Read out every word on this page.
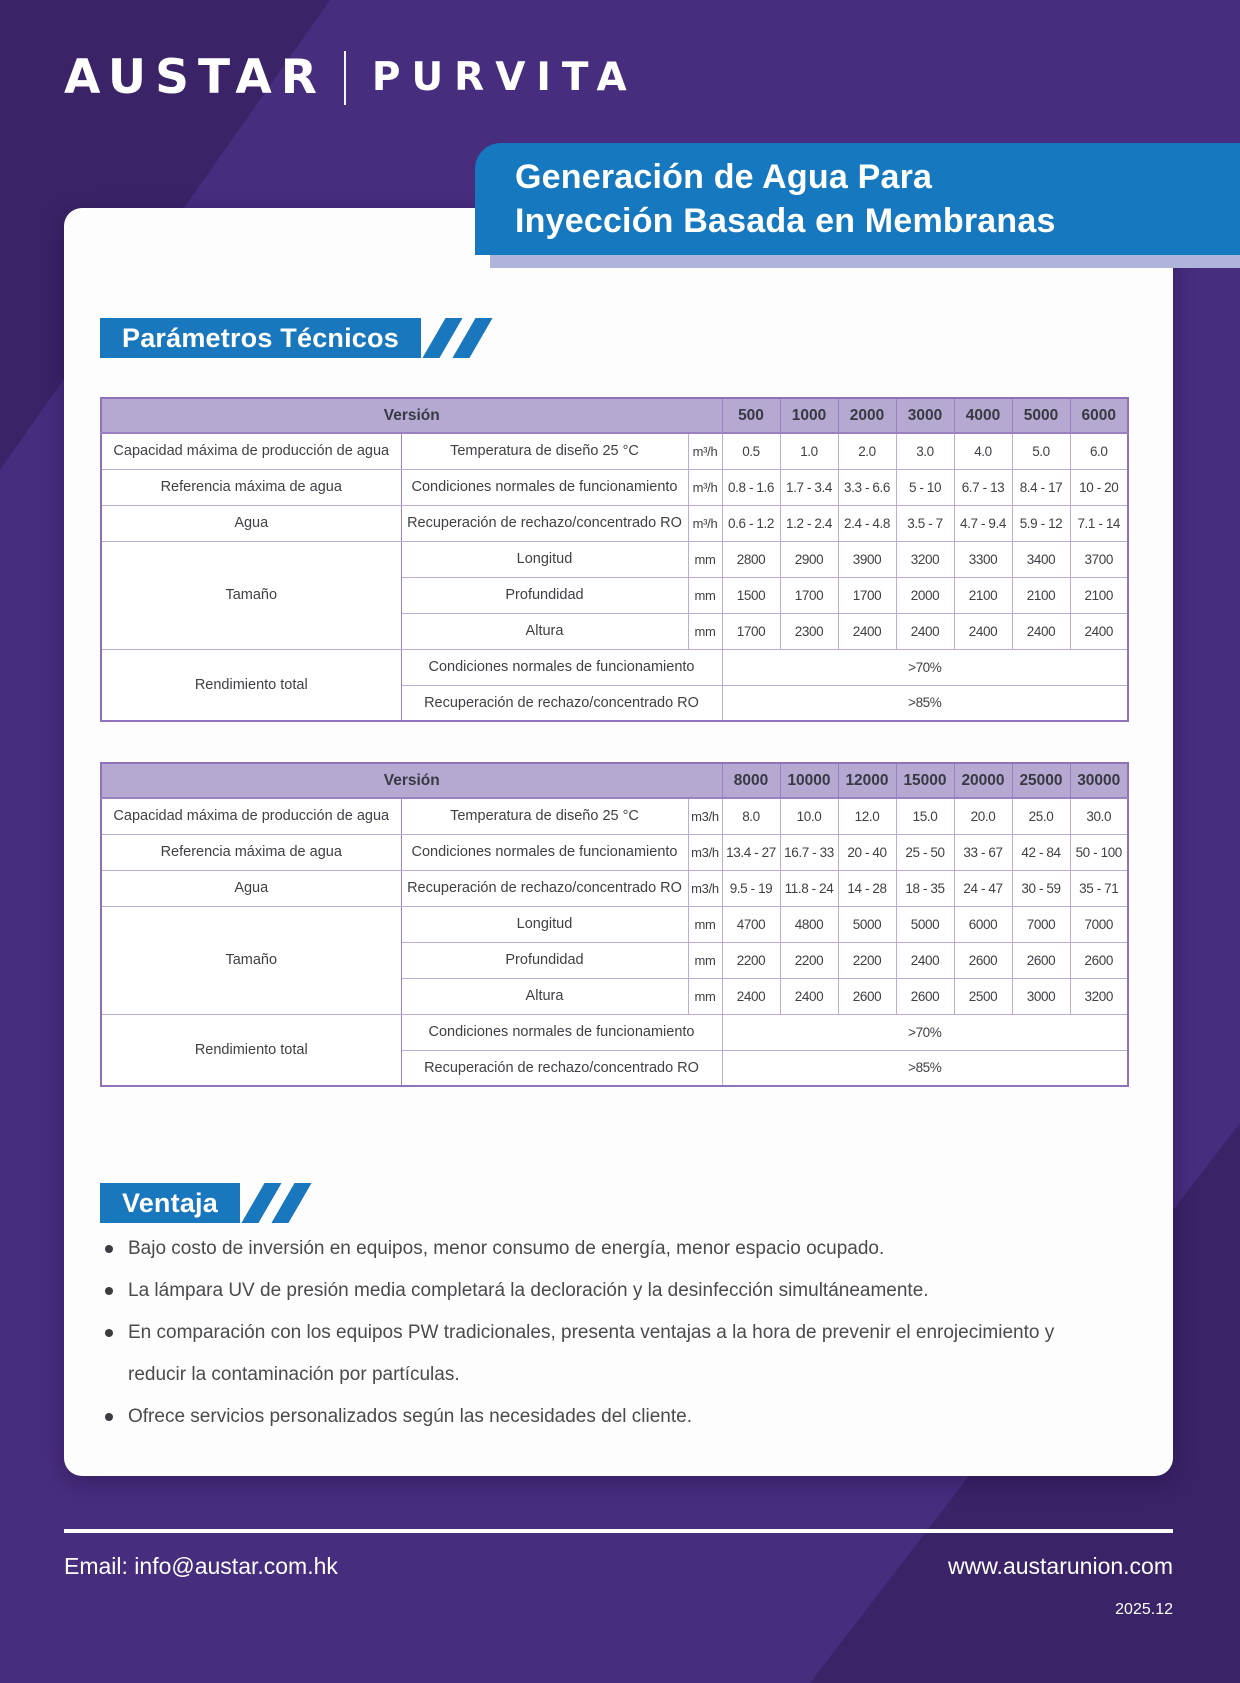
AUSTAR PURVITA
Generación de Agua Para
Inyección Basada en Membranas
Parámetros Técnicos
Versión			500	1000	2000	3000	4000	5000	6000
Capacidad máxima de producción de agua	Temperatura de diseño 25 °C	m³/h	0.5	1.0	2.0	3.0	4.0	5.0	6.0
Referencia máxima de agua	Condiciones normales de funcionamiento	m³/h	0.8 - 1.6	1.7 - 3.4	3.3 - 6.6	5 - 10	6.7 - 13	8.4 - 17	10 - 20
Agua	Recuperación de rechazo/concentrado RO	m³/h	0.6 - 1.2	1.2 - 2.4	2.4 - 4.8	3.5 - 7	4.7 - 9.4	5.9 - 12	7.1 - 14
Tamaño	Longitud	mm	2800	2900	3900	3200	3300	3400	3700
	Profundidad	mm	1500	1700	1700	2000	2100	2100	2100
	Altura	mm	1700	2300	2400	2400	2400	2400	2400
Rendimiento total	Condiciones normales de funcionamiento		>70%						
	Recuperación de rechazo/concentrado RO		>85%						
Versión			8000	10000	12000	15000	20000	25000	30000
Capacidad máxima de producción de agua	Temperatura de diseño 25 °C	m3/h	8.0	10.0	12.0	15.0	20.0	25.0	30.0
Referencia máxima de agua	Condiciones normales de funcionamiento	m3/h	13.4 - 27	16.7 - 33	20 - 40	25 - 50	33 - 67	42 - 84	50 - 100
Agua	Recuperación de rechazo/concentrado RO	m3/h	9.5 - 19	11.8 - 24	14 - 28	18 - 35	24 - 47	30 - 59	35 - 71
Tamaño	Longitud	mm	4700	4800	5000	5000	6000	7000	7000
	Profundidad	mm	2200	2200	2200	2400	2600	2600	2600
	Altura	mm	2400	2400	2600	2600	2500	3000	3200
Rendimiento total	Condiciones normales de funcionamiento		>70%						
	Recuperación de rechazo/concentrado RO		>85%						
Ventaja
Bajo costo de inversión en equipos, menor consumo de energía, menor espacio ocupado.
La lámpara UV de presión media completará la decloración y la desinfección simultáneamente.
En comparación con los equipos PW tradicionales, presenta ventajas a la hora de prevenir el enrojecimiento y reducir la contaminación por partículas.
Ofrece servicios personalizados según las necesidades del cliente.
Email: info@austar.com.hk	www.austarunion.com
2025.12
